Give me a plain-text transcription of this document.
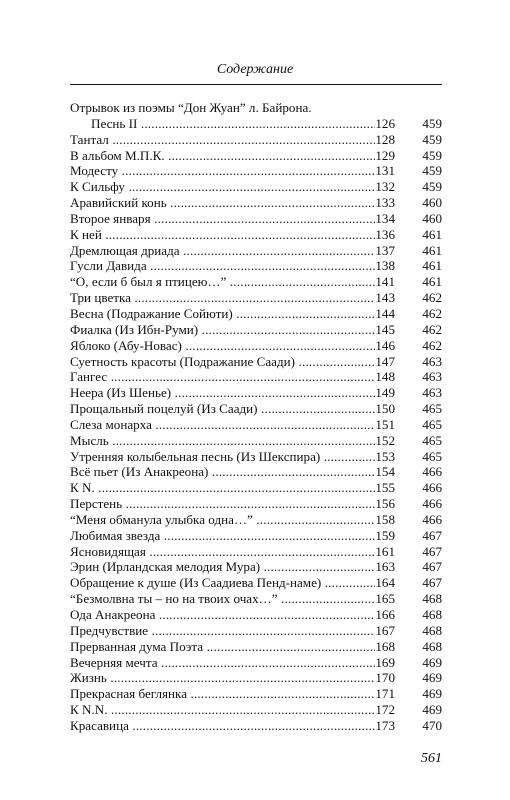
Содержание
Отрывок из поэмы “Дон Жуан” л. Байрона.
Песнь II .....	126 459
Тантал .....	128 459
В альбом М.П.К. .....	129 459
Модесту .....	131 459
К Сильфу .....	132 459
Аравийский конь .....	133 460
Второе января .....	134 460
К ней .....	136 461
Дремлющая дриада .....	137 461
Гусли Давида .....	138 461
“О, если б был я птицею…” .....	141 461
Три цветка .....	143 462
Весна (Подражание Сойюти) .....	144 462
Фиалка (Из Ибн-Руми) .....	145 462
Яблоко (Абу-Новас) .....	146 462
Суетность красоты (Подражание Саади) .....	147 463
Гангес .....	148 463
Неера (Из Шенье) .....	149 463
Прощальный поцелуй (Из Саади) .....	150 465
Слеза монарха .....	151 465
Мысль .....	152 465
Утренняя колыбельная песнь (Из Шекспира) .....	153 465
Всё пьет (Из Анакреона) .....	154 466
К N. .....	155 466
Перстень .....	156 466
“Меня обманула улыбка одна…” .....	158 466
Любимая звезда .....	159 467
Ясновидящая .....	161 467
Эрин (Ирландская мелодия Мура) .....	163 467
Обращение к душе (Из Саадиева Пенд-наме) .....	164 467
“Безмолвна ты – но на твоих очах…” .....	165 468
Ода Анакреона .....	166 468
Предчувствие .....	167 468
Прерванная дума Поэта .....	168 468
Вечерняя мечта .....	169 469
Жизнь .....	170 469
Прекрасная беглянка .....	171 469
К N.N. .....	172 469
Красавица .....	173 470
561
